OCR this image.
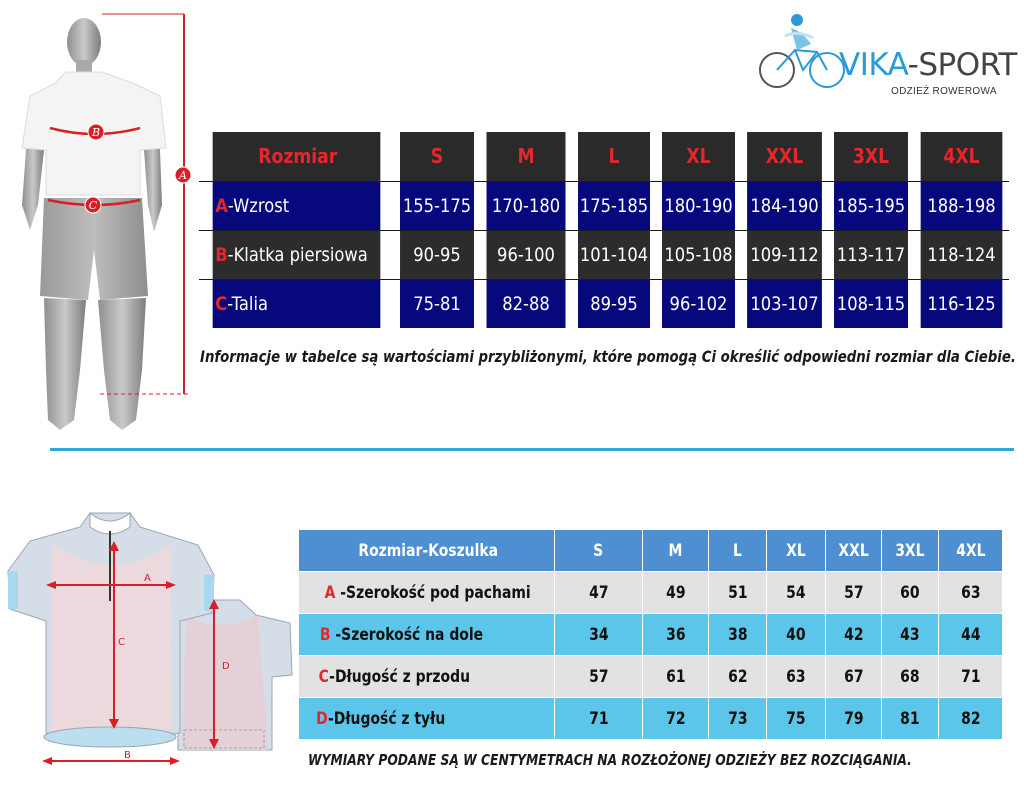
B
C
A
VIKA-SPORT
ODZIEŻ ROWEROWA
Rozmiar	S	M	L	XL	XXL	3XL	4XL
A-Wzrost	155-175	170-180	175-185	180-190	184-190	185-195	188-198
B-Klatka piersiowa	90-95	96-100	101-104	105-108	109-112	113-117	118-124
C-Talia	75-81	82-88	89-95	96-102	103-107	108-115	116-125
Informacje w tabelce są wartościami przybliżonymi, które pomogą Ci określić odpowiedni rozmiar dla Ciebie.
A
C
B
D
Rozmiar-Koszulka	S	M	L	XL	XXL	3XL	4XL
A -Szerokość pod pachami	47	49	51	54	57	60	63
B -Szerokość na dole	34	36	38	40	42	43	44
C-Długość z przodu	57	61	62	63	67	68	71
D-Długość z tyłu	71	72	73	75	79	81	82
WYMIARY PODANE SĄ W CENTYMETRACH NA ROZŁOŻONEJ ODZIEŻY BEZ ROZCIĄGANIA.
